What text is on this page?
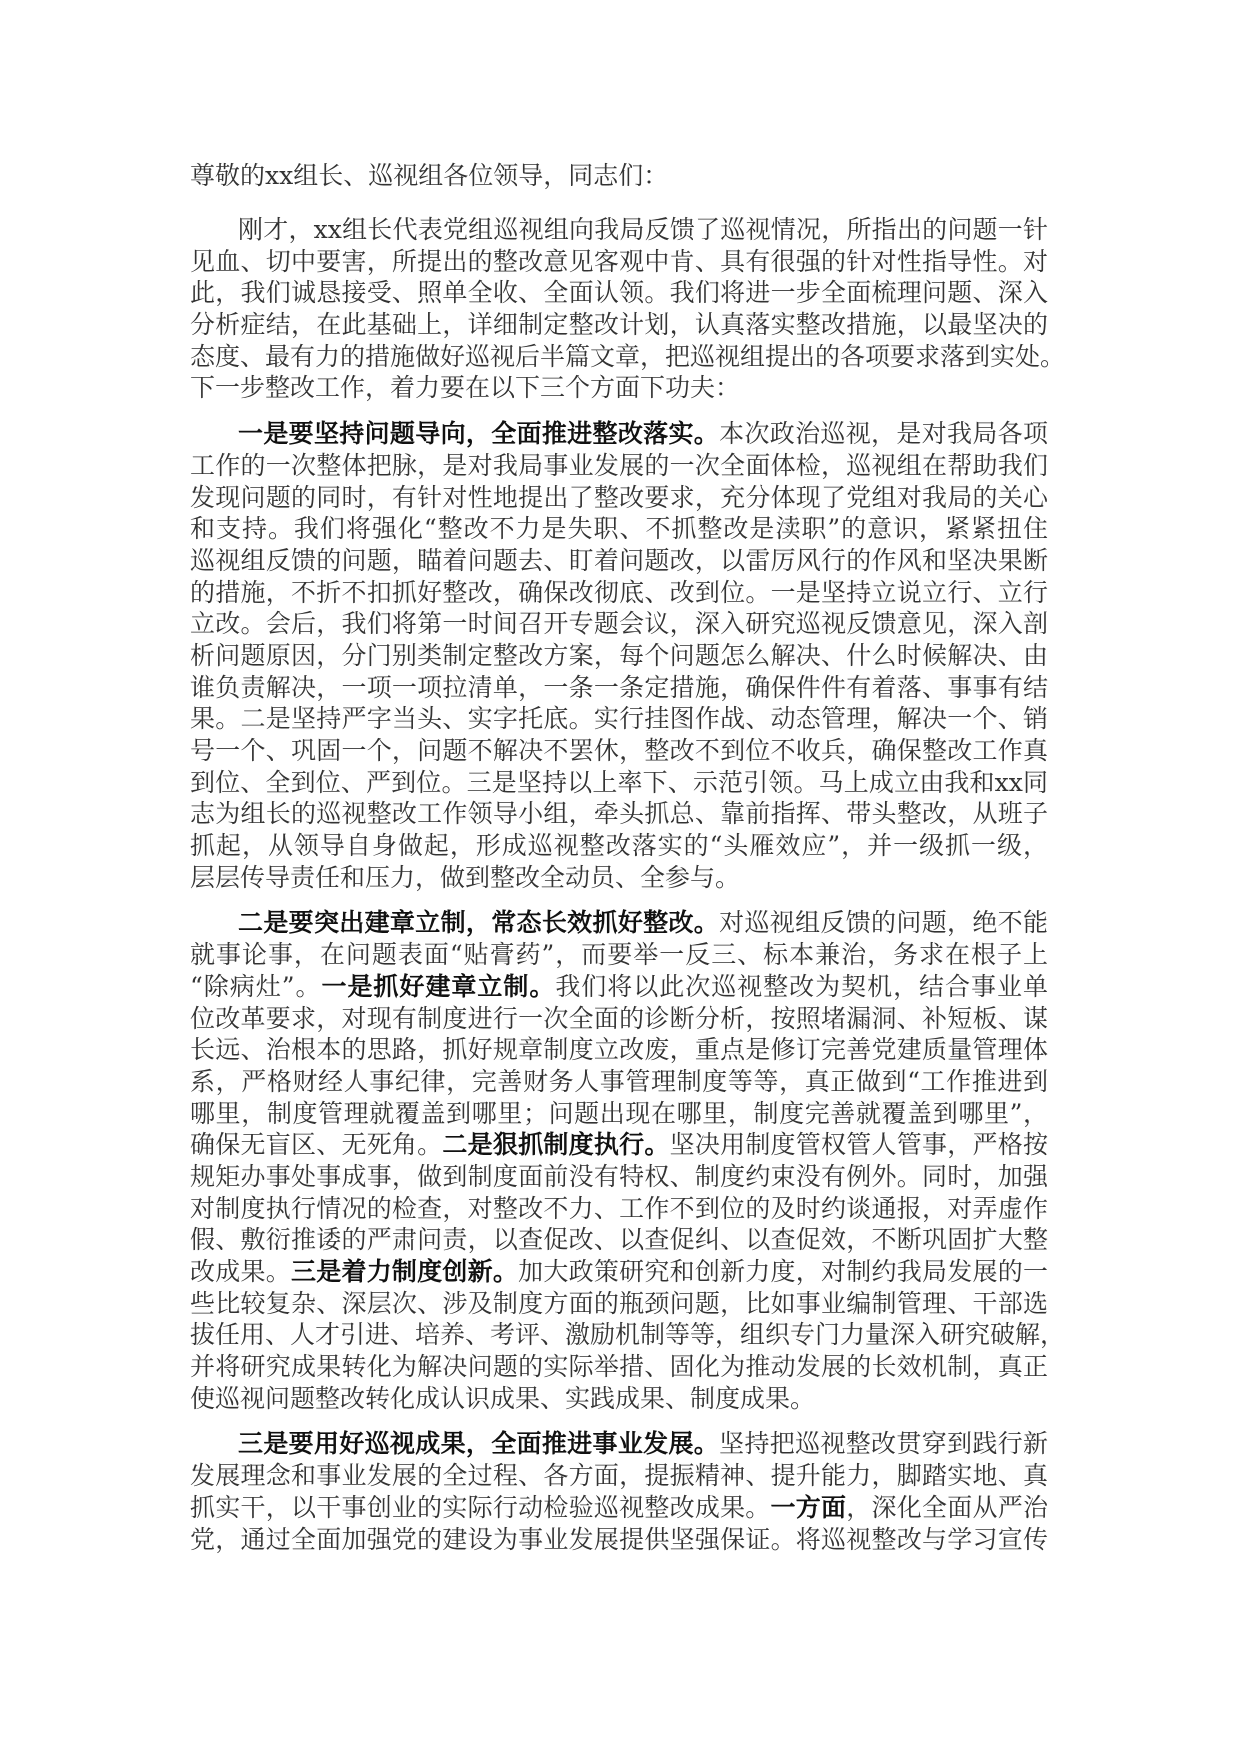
尊敬的xx组长、巡视组各位领导，同志们：
刚才，xx组长代表党组巡视组向我局反馈了巡视情况，所指出的问题一针
见血、切中要害，所提出的整改意见客观中肯、具有很强的针对性指导性。对
此，我们诚恳接受、照单全收、全面认领。我们将进一步全面梳理问题、深入
分析症结，在此基础上，详细制定整改计划，认真落实整改措施，以最坚决的
态度、最有力的措施做好巡视后半篇文章，把巡视组提出的各项要求落到实处。
下一步整改工作，着力要在以下三个方面下功夫：
一是要坚持问题导向，全面推进整改落实。本次政治巡视，是对我局各项
工作的一次整体把脉，是对我局事业发展的一次全面体检，巡视组在帮助我们
发现问题的同时，有针对性地提出了整改要求，充分体现了党组对我局的关心
和支持。我们将强化“整改不力是失职、不抓整改是渎职”的意识，紧紧扭住
巡视组反馈的问题，瞄着问题去、盯着问题改，以雷厉风行的作风和坚决果断
的措施，不折不扣抓好整改，确保改彻底、改到位。一是坚持立说立行、立行
立改。会后，我们将第一时间召开专题会议，深入研究巡视反馈意见，深入剖
析问题原因，分门别类制定整改方案，每个问题怎么解决、什么时候解决、由
谁负责解决，一项一项拉清单，一条一条定措施，确保件件有着落、事事有结
果。二是坚持严字当头、实字托底。实行挂图作战、动态管理，解决一个、销
号一个、巩固一个，问题不解决不罢休，整改不到位不收兵，确保整改工作真
到位、全到位、严到位。三是坚持以上率下、示范引领。马上成立由我和xx同
志为组长的巡视整改工作领导小组，牵头抓总、靠前指挥、带头整改，从班子
抓起，从领导自身做起，形成巡视整改落实的“头雁效应”，并一级抓一级，
层层传导责任和压力，做到整改全动员、全参与。
二是要突出建章立制，常态长效抓好整改。对巡视组反馈的问题，绝不能
就事论事，在问题表面“贴膏药”，而要举一反三、标本兼治，务求在根子上
“除病灶”。一是抓好建章立制。我们将以此次巡视整改为契机，结合事业单
位改革要求，对现有制度进行一次全面的诊断分析，按照堵漏洞、补短板、谋
长远、治根本的思路，抓好规章制度立改废，重点是修订完善党建质量管理体
系，严格财经人事纪律，完善财务人事管理制度等等，真正做到“工作推进到
哪里，制度管理就覆盖到哪里；问题出现在哪里，制度完善就覆盖到哪里”，
确保无盲区、无死角。二是狠抓制度执行。坚决用制度管权管人管事，严格按
规矩办事处事成事，做到制度面前没有特权、制度约束没有例外。同时，加强
对制度执行情况的检查，对整改不力、工作不到位的及时约谈通报，对弄虚作
假、敷衍推诿的严肃问责，以查促改、以查促纠、以查促效，不断巩固扩大整
改成果。三是着力制度创新。加大政策研究和创新力度，对制约我局发展的一
些比较复杂、深层次、涉及制度方面的瓶颈问题，比如事业编制管理、干部选
拔任用、人才引进、培养、考评、激励机制等等，组织专门力量深入研究破解，
并将研究成果转化为解决问题的实际举措、固化为推动发展的长效机制，真正
使巡视问题整改转化成认识成果、实践成果、制度成果。
三是要用好巡视成果，全面推进事业发展。坚持把巡视整改贯穿到践行新
发展理念和事业发展的全过程、各方面，提振精神、提升能力，脚踏实地、真
抓实干，以干事创业的实际行动检验巡视整改成果。一方面，深化全面从严治
党，通过全面加强党的建设为事业发展提供坚强保证。将巡视整改与学习宣传
